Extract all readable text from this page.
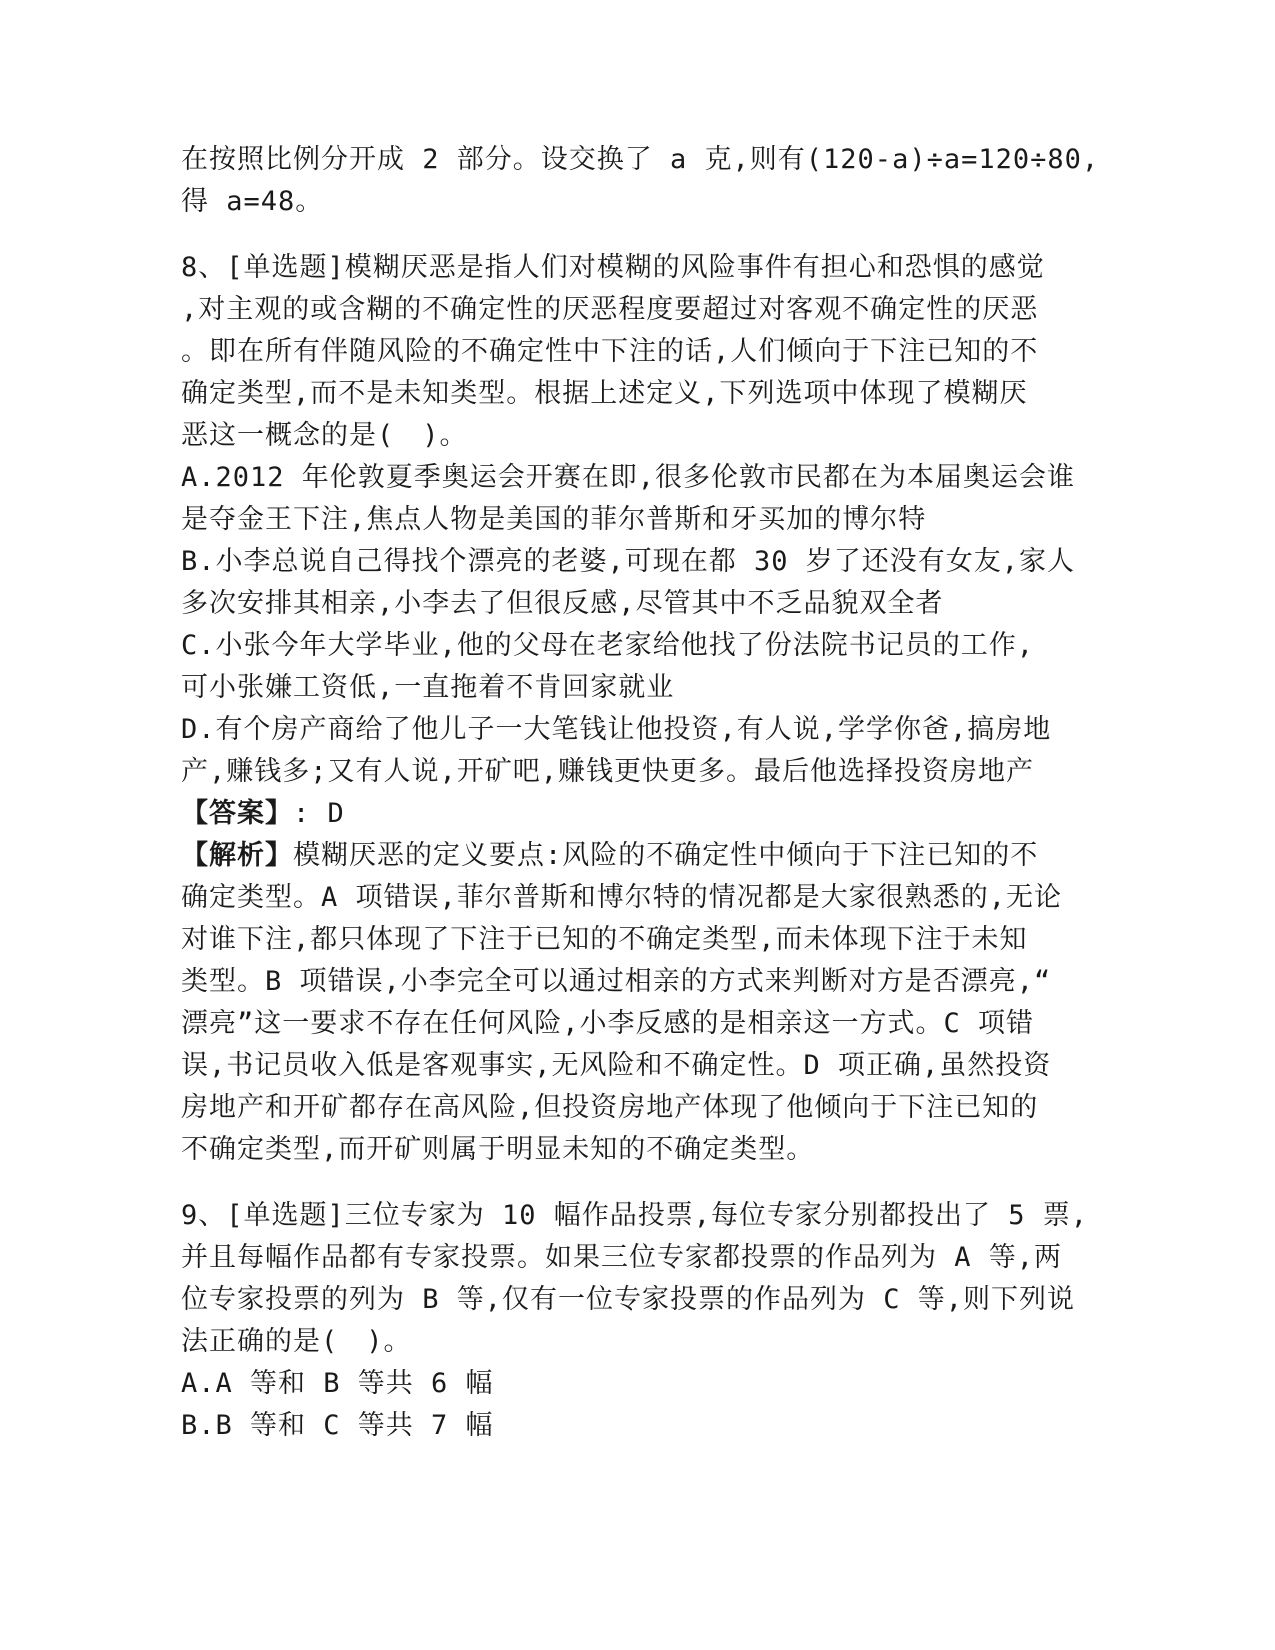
在按照比例分开成 2 部分。设交换了 a 克,则有(120-a)÷a=120÷80,
得 a=48。
8、[单选题]模糊厌恶是指人们对模糊的风险事件有担心和恐惧的感觉
,对主观的或含糊的不确定性的厌恶程度要超过对客观不确定性的厌恶
。即在所有伴随风险的不确定性中下注的话,人们倾向于下注已知的不
确定类型,而不是未知类型。根据上述定义,下列选项中体现了模糊厌
恶这一概念的是(　)。
A.2012 年伦敦夏季奥运会开赛在即,很多伦敦市民都在为本届奥运会谁
是夺金王下注,焦点人物是美国的菲尔普斯和牙买加的博尔特
B.小李总说自己得找个漂亮的老婆,可现在都 30 岁了还没有女友,家人
多次安排其相亲,小李去了但很反感,尽管其中不乏品貌双全者
C.小张今年大学毕业,他的父母在老家给他找了份法院书记员的工作,
可小张嫌工资低,一直拖着不肯回家就业
D.有个房产商给了他儿子一大笔钱让他投资,有人说,学学你爸,搞房地
产,赚钱多;又有人说,开矿吧,赚钱更快更多。最后他选择投资房地产
【答案】: D
【解析】模糊厌恶的定义要点:风险的不确定性中倾向于下注已知的不
确定类型。A 项错误,菲尔普斯和博尔特的情况都是大家很熟悉的,无论
对谁下注,都只体现了下注于已知的不确定类型,而未体现下注于未知
类型。B 项错误,小李完全可以通过相亲的方式来判断对方是否漂亮,“
漂亮”这一要求不存在任何风险,小李反感的是相亲这一方式。C 项错
误,书记员收入低是客观事实,无风险和不确定性。D 项正确,虽然投资
房地产和开矿都存在高风险,但投资房地产体现了他倾向于下注已知的
不确定类型,而开矿则属于明显未知的不确定类型。
9、[单选题]三位专家为 10 幅作品投票,每位专家分别都投出了 5 票,
并且每幅作品都有专家投票。如果三位专家都投票的作品列为 A 等,两
位专家投票的列为 B 等,仅有一位专家投票的作品列为 C 等,则下列说
法正确的是(　)。
A.A 等和 B 等共 6 幅
B.B 等和 C 等共 7 幅
